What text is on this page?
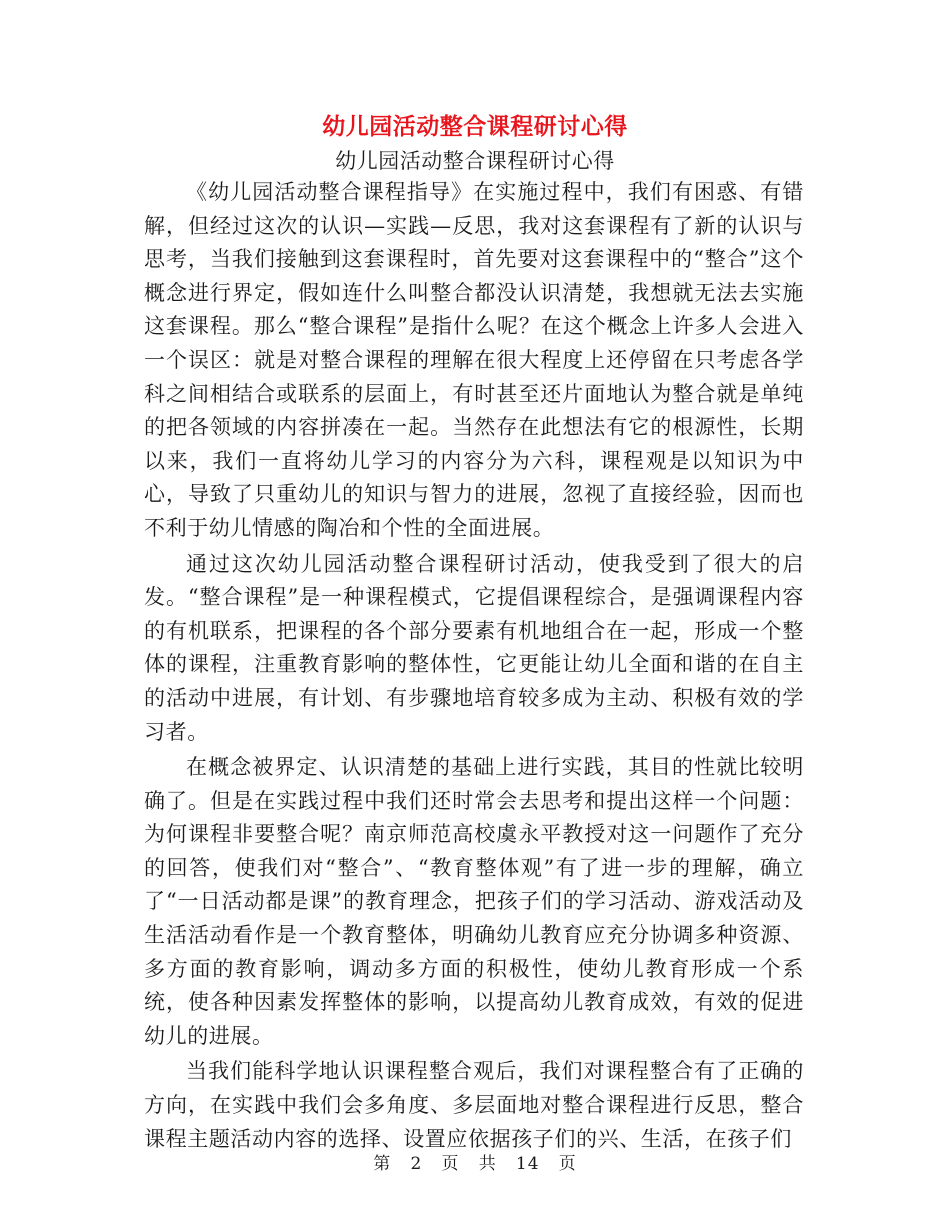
幼儿园活动整合课程研讨心得
幼儿园活动整合课程研讨心得

《幼儿园活动整合课程指导》在实施过程中，我们有困惑、有错解，但经过这次的认识—实践—反思，我对这套课程有了新的认识与思考，当我们接触到这套课程时，首先要对这套课程中的“整合”这个概念进行界定，假如连什么叫整合都没认识清楚，我想就无法去实施这套课程。那么“整合课程”是指什么呢？在这个概念上许多人会进入一个误区：就是对整合课程的理解在很大程度上还停留在只考虑各学科之间相结合或联系的层面上，有时甚至还片面地认为整合就是单纯的把各领域的内容拼凑在一起。当然存在此想法有它的根源性，长期以来，我们一直将幼儿学习的内容分为六科，课程观是以知识为中心，导致了只重幼儿的知识与智力的进展，忽视了直接经验，因而也不利于幼儿情感的陶冶和个性的全面进展。

通过这次幼儿园活动整合课程研讨活动，使我受到了很大的启发。“整合课程”是一种课程模式，它提倡课程综合，是强调课程内容的有机联系，把课程的各个部分要素有机地组合在一起，形成一个整体的课程，注重教育影响的整体性，它更能让幼儿全面和谐的在自主的活动中进展，有计划、有步骤地培育较多成为主动、积极有效的学习者。

在概念被界定、认识清楚的基础上进行实践，其目的性就比较明确了。但是在实践过程中我们还时常会去思考和提出这样一个问题：为何课程非要整合呢？南京师范高校虞永平教授对这一问题作了充分的回答，使我们对“整合”、“教育整体观”有了进一步的理解，确立了“一日活动都是课”的教育理念，把孩子们的学习活动、游戏活动及生活活动看作是一个教育整体，明确幼儿教育应充分协调多种资源、多方面的教育影响，调动多方面的积极性，使幼儿教育形成一个系统，使各种因素发挥整体的影响，以提高幼儿教育成效，有效的促进幼儿的进展。

当我们能科学地认识课程整合观后，我们对课程整合有了正确的方向，在实践中我们会多角度、多层面地对整合课程进行反思，整合课程主题活动内容的选择、设置应依据孩子们的兴、生活，在孩子们

第 2 页 共 14 页
